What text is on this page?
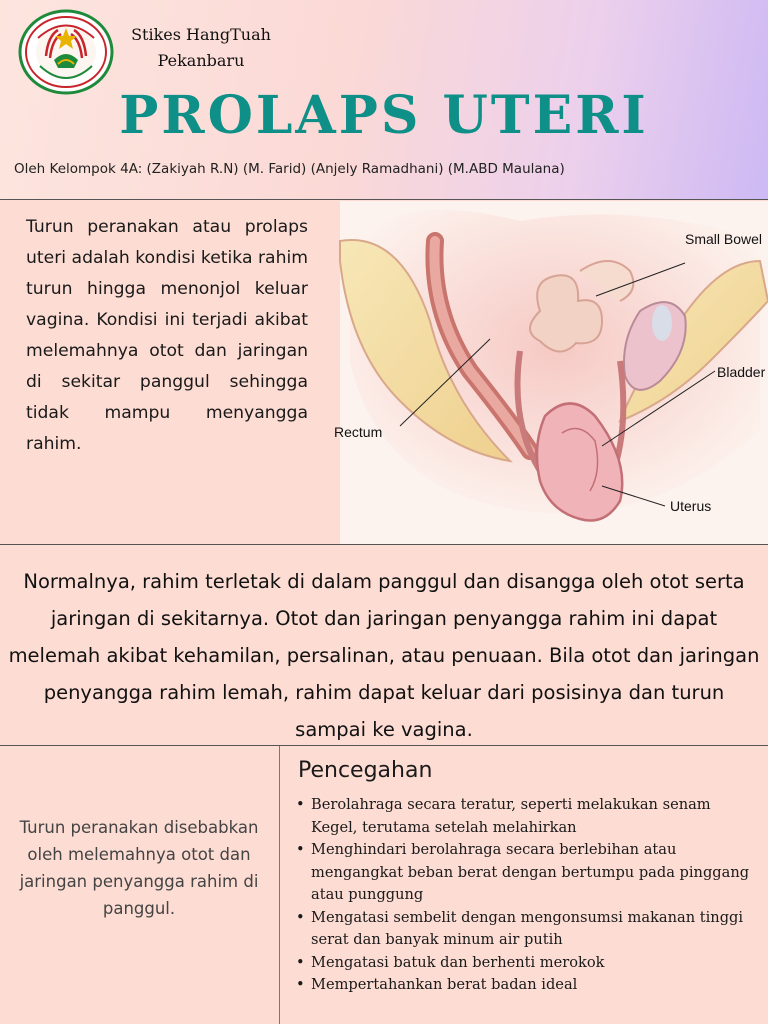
Stikes HangTuah
Pekanbaru
PROLAPS UTERI
Oleh Kelompok 4A: (Zakiyah R.N) (M. Farid) (Anjely Ramadhani) (M.ABD Maulana)
Turun peranakan atau prolaps uteri adalah kondisi ketika rahim turun hingga menonjol keluar vagina. Kondisi ini terjadi akibat melemahnya otot dan jaringan di sekitar panggul sehingga tidak mampu menyangga rahim.
Small Bowel
Bladder
Rectum
Uterus
Normalnya, rahim terletak di dalam panggul dan disangga oleh otot serta jaringan di sekitarnya. Otot dan jaringan penyangga rahim ini dapat melemah akibat kehamilan, persalinan, atau penuaan. Bila otot dan jaringan penyangga rahim lemah, rahim dapat keluar dari posisinya dan turun sampai ke vagina.
Turun peranakan disebabkan oleh melemahnya otot dan jaringan penyangga rahim di panggul.
Pencegahan
• Berolahraga secara teratur, seperti melakukan senam Kegel, terutama setelah melahirkan
• Menghindari berolahraga secara berlebihan atau mengangkat beban berat dengan bertumpu pada pinggang atau punggung
• Mengatasi sembelit dengan mengonsumsi makanan tinggi serat dan banyak minum air putih
• Mengatasi batuk dan berhenti merokok
• Mempertahankan berat badan ideal
